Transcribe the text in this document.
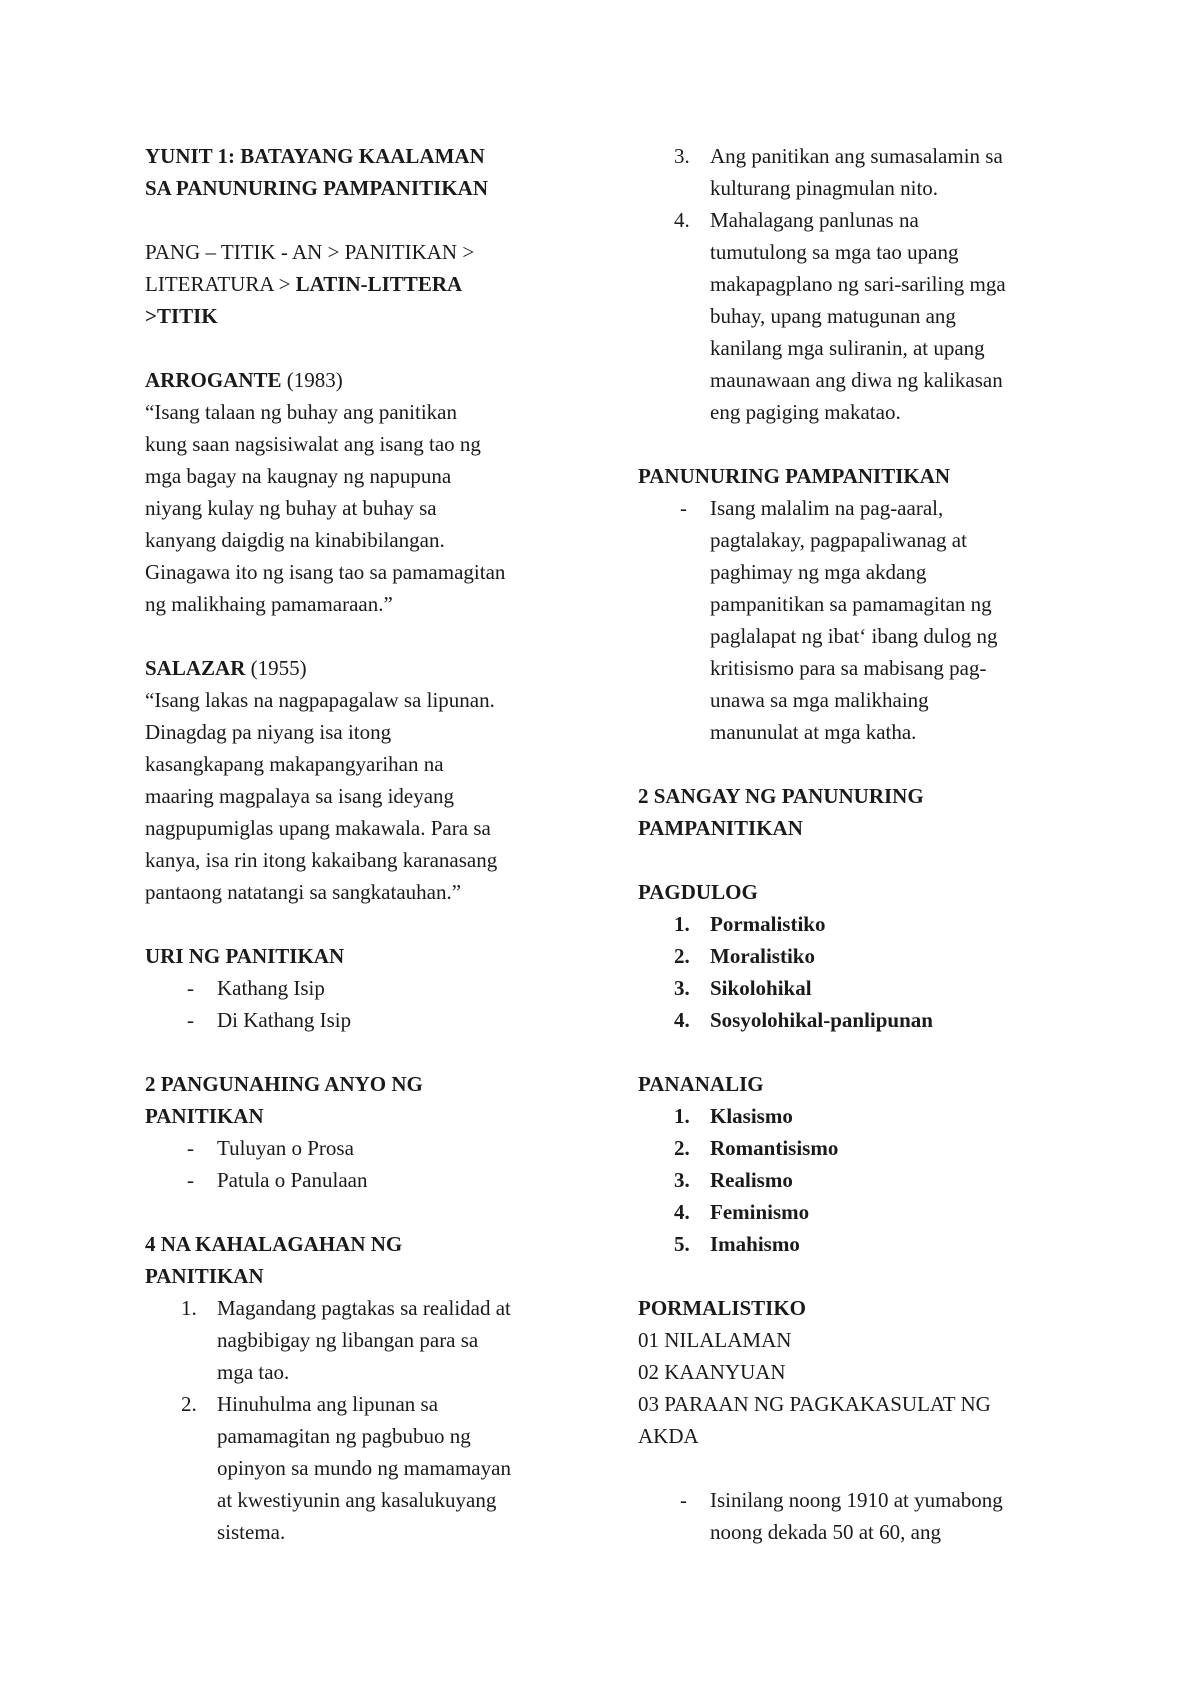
YUNIT 1: BATAYANG KAALAMAN

SA PANUNURING PAMPANITIKAN

PANG – TITIK - AN > PANITIKAN >

LITERATURA > LATIN-LITTERA

>TITIK

ARROGANTE (1983)

“Isang talaan ng buhay ang panitikan

kung saan nagsisiwalat ang isang tao ng

mga bagay na kaugnay ng napupuna

niyang kulay ng buhay at buhay sa

kanyang daigdig na kinabibilangan.

Ginagawa ito ng isang tao sa pamamagitan

ng malikhaing pamamaraan.”

SALAZAR (1955)

“Isang lakas na nagpapagalaw sa lipunan.

Dinagdag pa niyang isa itong

kasangkapang makapangyarihan na

maaring magpalaya sa isang ideyang

nagpupumiglas upang makawala. Para sa

kanya, isa rin itong kakaibang karanasang

pantaong natatangi sa sangkatauhan.”

URI NG PANITIKAN

- Kathang Isip

- Di Kathang Isip

2 PANGUNAHING ANYO NG

PANITIKAN

- Tuluyan o Prosa

- Patula o Panulaan

4 NA KAHALAGAHAN NG

PANITIKAN

1. Magandang pagtakas sa realidad at

nagbibigay ng libangan para sa

mga tao.

2. Hinuhulma ang lipunan sa

pamamagitan ng pagbubuo ng

opinyon sa mundo ng mamamayan

at kwestiyunin ang kasalukuyang

sistema.

3. Ang panitikan ang sumasalamin sa

kulturang pinagmulan nito.

4. Mahalagang panlunas na

tumutulong sa mga tao upang

makapagplano ng sari-sariling mga

buhay, upang matugunan ang

kanilang mga suliranin, at upang

maunawaan ang diwa ng kalikasan

eng pagiging makatao.

PANUNURING PAMPANITIKAN

- Isang malalim na pag-aaral,

pagtalakay, pagpapaliwanag at

paghimay ng mga akdang

pampanitikan sa pamamagitan ng

paglalapat ng ibat‘ ibang dulog ng

kritisismo para sa mabisang pag-

unawa sa mga malikhaing

manunulat at mga katha.

2 SANGAY NG PANUNURING

PAMPANITIKAN

PAGDULOG

1. Pormalistiko

2. Moralistiko

3. Sikolohikal

4. Sosyolohikal-panlipunan

PANANALIG

1. Klasismo

2. Romantisismo

3. Realismo

4. Feminismo

5. Imahismo

PORMALISTIKO

01 NILALAMAN

02 KAANYUAN

03 PARAAN NG PAGKAKASULAT NG

AKDA

- Isinilang noong 1910 at yumabong

noong dekada 50 at 60, ang
